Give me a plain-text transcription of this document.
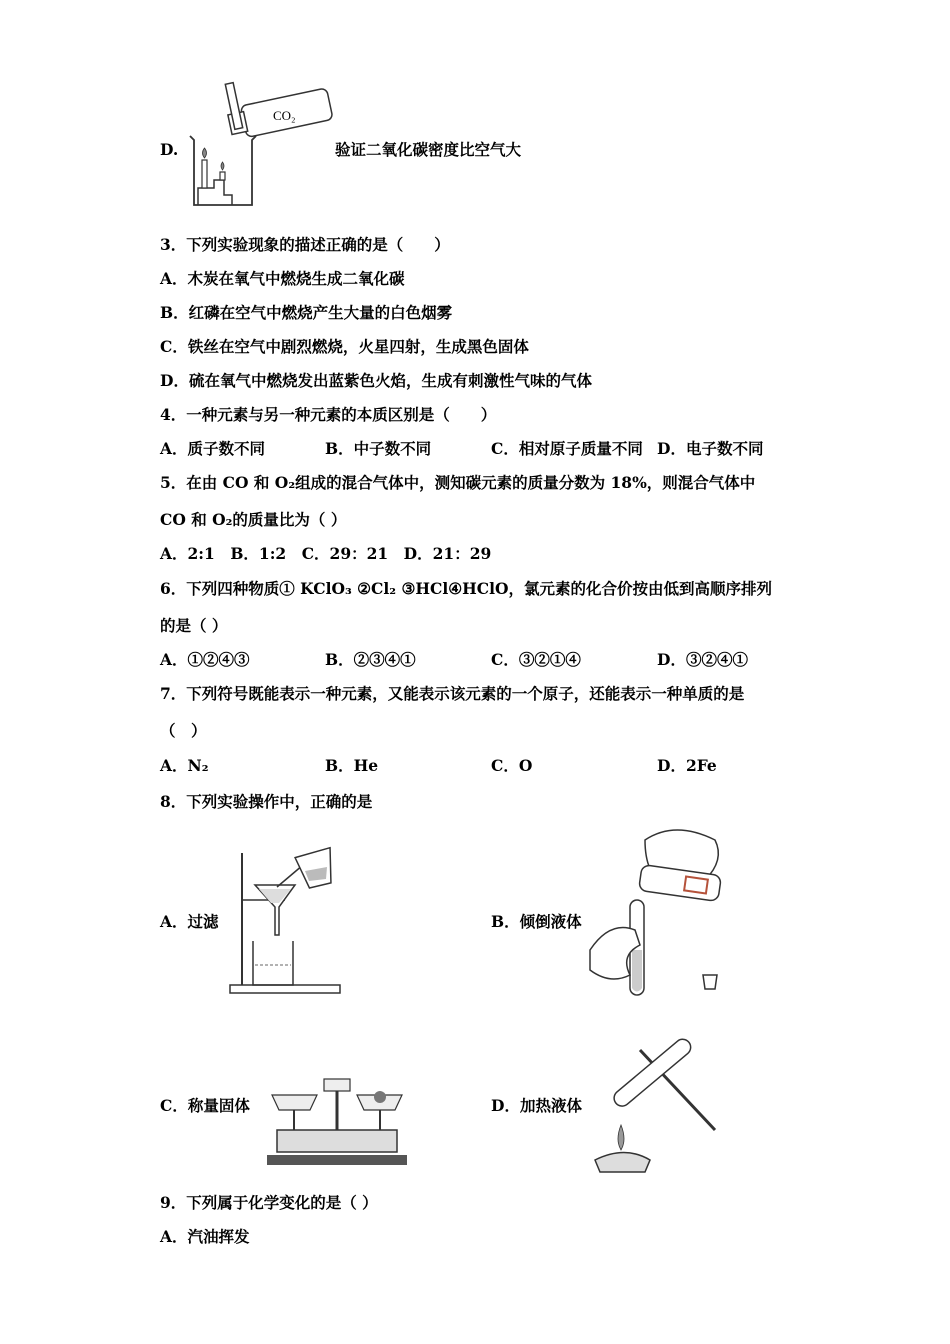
D.
CO₂
验证二氧化碳密度比空气大
3．下列实验现象的描述正确的是（　　）
A．木炭在氧气中燃烧生成二氧化碳
B．红磷在空气中燃烧产生大量的白色烟雾
C．铁丝在空气中剧烈燃烧，火星四射，生成黑色固体
D．硫在氧气中燃烧发出蓝紫色火焰，生成有刺激性气味的气体
4．一种元素与另一种元素的本质区别是（　　）
A．质子数不同	B．中子数不同	C．相对原子质量不同 D．电子数不同
5．在由 CO 和 O₂组成的混合气体中，测知碳元素的质量分数为 18%，则混合气体中
CO 和 O₂的质量比为（ ）
A．2:1　B．1:2　C．29：21　D．21：29
6．下列四种物质① KClO₃ ②Cl₂ ③HCl④HClO，氯元素的化合价按由低到高顺序排列
的是（ ）
A．①②④③	B．②③④①	C．③②①④	D．③②④①
7．下列符号既能表示一种元素，又能表示该元素的一个原子，还能表示一种单质的是
（　）
A．N₂	B．He	C．O	D．2Fe
8．下列实验操作中，正确的是
A．过滤	B．倾倒液体
C．称量固体	D．加热液体
9．下列属于化学变化的是（ ）
A．汽油挥发
